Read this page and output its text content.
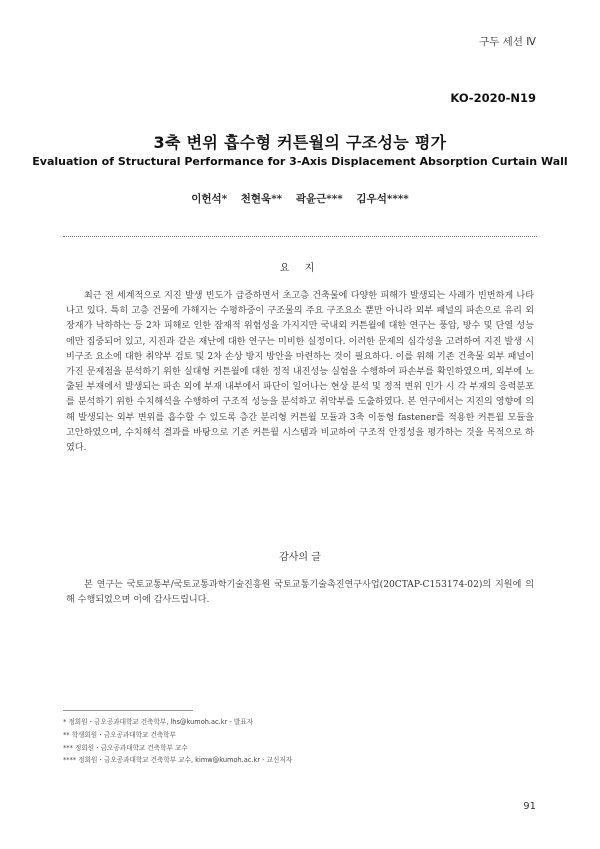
구두 세션 Ⅳ
KO-2020-N19
3축 변위 흡수형 커튼월의 구조성능 평가
Evaluation of Structural Performance for 3-Axis Displacement Absorption Curtain Wall
이헌석* 천현욱** 곽윤근*** 김우석****
요 지

최근 전 세계적으로 지진 발생 빈도가 급증하면서 초고층 건축물에 다양한 피해가 발생되는 사례가 빈번하게 나타나고 있다. 특히 고층 건물에 가해지는 수평하중이 구조물의 주요 구조요소 뿐만 아니라 외부 패널의 파손으로 유리 외장재가 낙하하는 등 2차 피해로 인한 잠재적 위험성을 가지지만 국내외 커튼월에 대한 연구는 풍압, 방수 및 단열 성능에만 집중되어 있고, 지진과 같은 재난에 대한 연구는 미비한 실정이다. 이러한 문제의 심각성을 고려하여 지진 발생 시 비구조 요소에 대한 취약부 검토 및 2차 손상 방지 방안을 마련하는 것이 필요하다. 이를 위해 기존 건축물 외부 패널이 가진 문제점을 분석하기 위한 실대형 커튼월에 대한 정적 내진성능 실험을 수행하여 파손부를 확인하였으며, 외부에 노출된 부재에서 발생되는 파손 외에 부재 내부에서 파단이 일어나는 현상 분석 및 정적 변위 인가 시 각 부재의 응력분포를 분석하기 위한 수치해석을 수행하여 구조적 성능을 분석하고 취약부를 도출하였다. 본 연구에서는 지진의 영향에 의해 발생되는 외부 변위를 흡수할 수 있도록 층간 분리형 커튼월 모듈과 3축 이동형 fastener를 적용한 커튼월 모듈을 고안하였으며, 수치해석 결과를 바탕으로 기존 커튼월 시스템과 비교하여 구조적 안정성을 평가하는 것을 목적으로 하였다.

감사의 글

본 연구는 국토교통부/국토교통과학기술진흥원 국토교통기술촉진연구사업(20CTAP-C153174-02)의 지원에 의해 수행되었으며 이에 감사드립니다.

* 정회원・금오공과대학교 건축학부, lhs@kumoh.ac.kr - 발표자
** 학생회원・금오공과대학교 건축학부
*** 정회원・금오공과대학교 건축학부 교수
**** 정회원・금오공과대학교 건축학부 교수, kimw@kumoh.ac.kr - 교신저자
91
